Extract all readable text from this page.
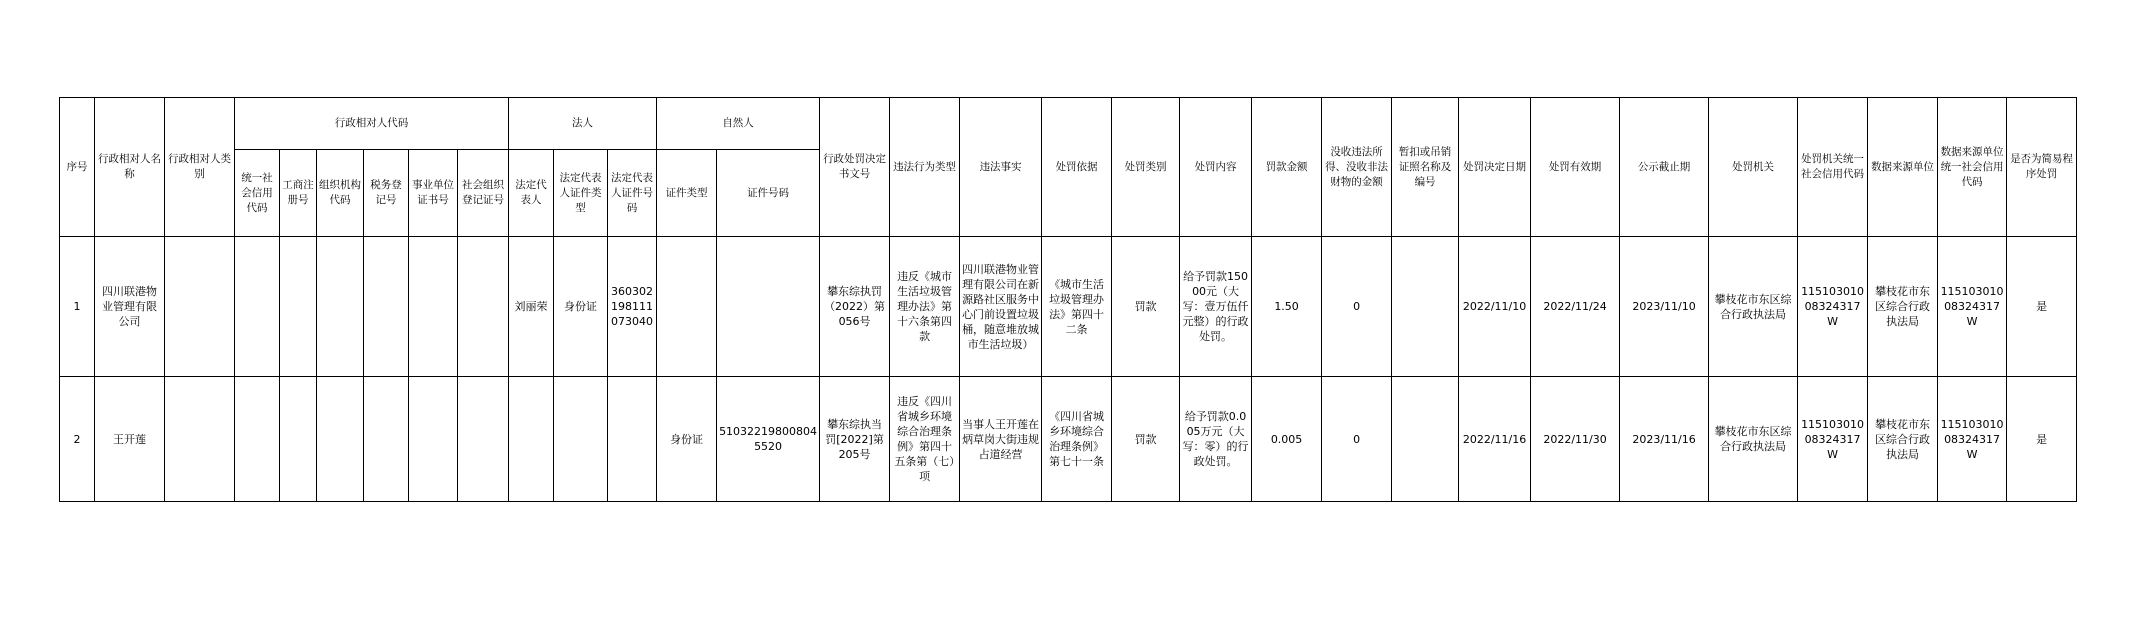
序号	行政相对人名称	行政相对人类别	行政相对人代码						法人			自然人		行政处罚决定书文号	违法行为类型	违法事实	处罚依据	处罚类别	处罚内容	罚款金额	没收违法所得、没收非法财物的金额	暂扣或吊销证照名称及编号	处罚决定日期	处罚有效期	公示截止期	处罚机关	处罚机关统一社会信用代码	数据来源单位	数据来源单位统一社会信用代码	是否为简易程序处罚
			统一社会信用代码	工商注册号	组织机构代码	税务登记号	事业单位证书号	社会组织登记证号	法定代表人	法定代表人证件类型	法定代表人证件号码	证件类型	证件号码																	
1	四川联港物业管理有限公司								刘丽荣	身份证	360302198111073040			攀东综执罚（2022）第056号	违反《城市生活垃圾管理办法》第十六条第四款	四川联港物业管理有限公司在新源路社区服务中心门前设置垃圾桶，随意堆放城市生活垃圾）	《城市生活垃圾管理办法》第四十二条	罚款	给予罚款15000元（大写：壹万伍仟元整）的行政处罚。	1.50	0		2022/11/10	2022/11/24	2023/11/10	攀枝花市东区综合行政执法局	11510301008324317W	攀枝花市东区综合行政执法局	11510301008324317W	是
2	王开莲											身份证	510322198008045520	攀东综执当罚[2022]第205号	违反《四川省城乡环境综合治理条例》第四十五条第（七）项	当事人王开莲在炳草岗大街违规占道经营	《四川省城乡环境综合治理条例》第七十一条	罚款	给予罚款0.005万元（大写：零）的行政处罚。	0.005	0		2022/11/16	2022/11/30	2023/11/16	攀枝花市东区综合行政执法局	11510301008324317W	攀枝花市东区综合行政执法局	11510301008324317W	是
